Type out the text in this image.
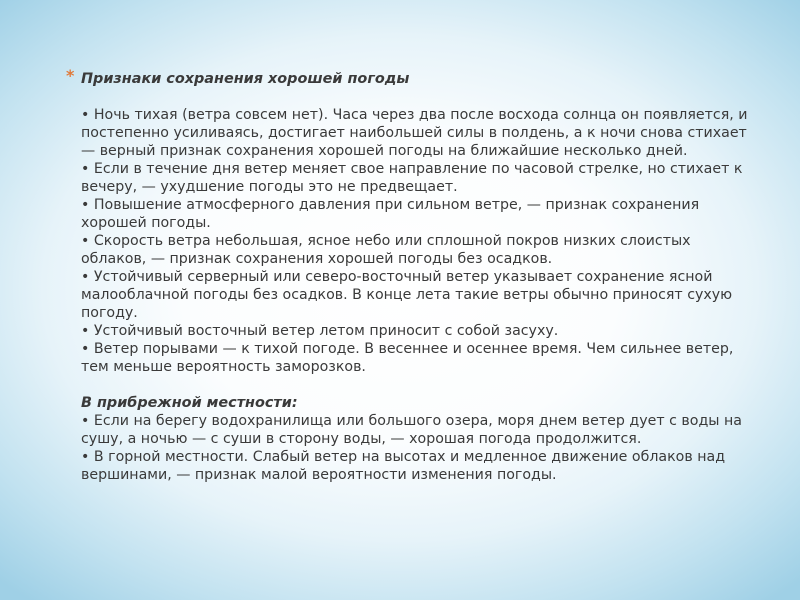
* Признаки сохранения хорошей погоды

• Ночь тихая (ветра совсем нет). Часа через два после восхода солнца он появляется, и постепенно усиливаясь, достигает наибольшей силы в полдень, а к ночи снова стихает — верный признак сохранения хорошей погоды на ближайшие несколько дней.

• Если в течение дня ветер меняет свое направление по часовой стрелке, но стихает к вечеру, — ухудшение погоды это не предвещает.

• Повышение атмосферного давления при сильном ветре, — признак сохранения хорошей погоды.

• Скорость ветра небольшая, ясное небо или сплошной покров низких слоистых облаков, — признак сохранения хорошей погоды без осадков.

• Устойчивый серверный или северо-восточный ветер указывает сохранение ясной малооблачной погоды без осадков. В конце лета такие ветры обычно приносят сухую погоду.

• Устойчивый восточный ветер летом приносит с собой засуху.

• Ветер порывами — к тихой погоде. В весеннее и осеннее время. Чем сильнее ветер, тем меньше вероятность заморозков.

В прибрежной местности:

• Если на берегу водохранилища или большого озера, моря днем ветер дует с воды на сушу, а ночью — с суши в сторону воды, — хорошая погода продолжится.

• В горной местности. Слабый ветер на высотах и медленное движение облаков над вершинами, — признак малой вероятности изменения погоды.
